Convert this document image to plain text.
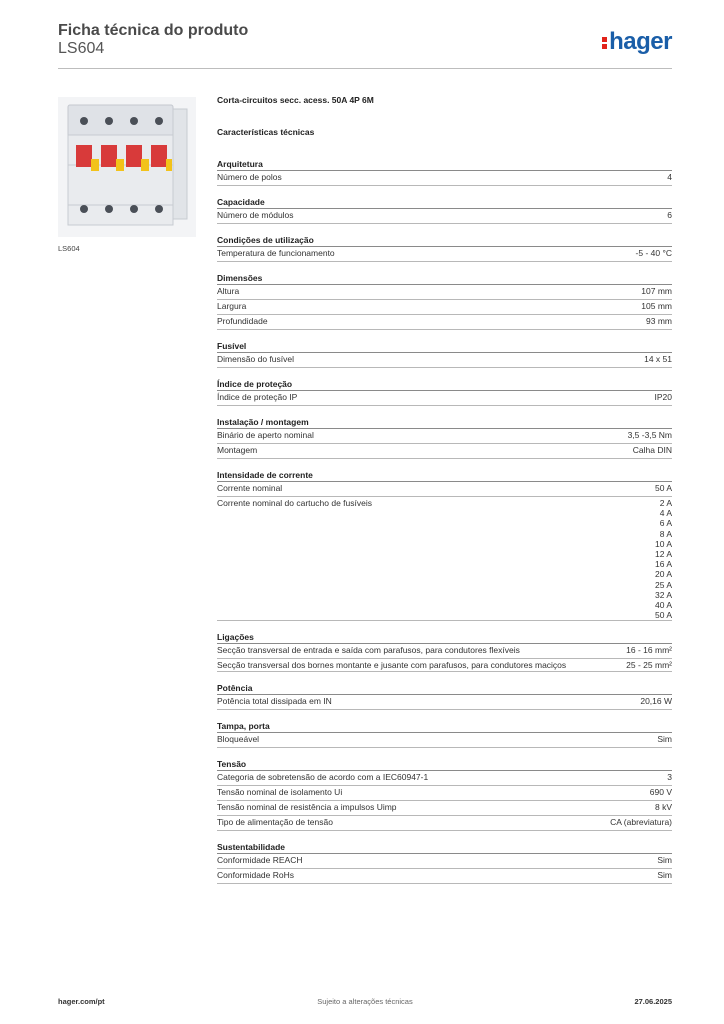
Ficha técnica do produto
LS604	hager
LS604
Corta-circuitos secc. acess. 50A 4P 6M
Características técnicas
Arquitetura
Número de polos	4
Capacidade
Número de módulos	6
Condições de utilização
Temperatura de funcionamento	-5 - 40 °C
Dimensões
Altura	107 mm
Largura	105 mm
Profundidade	93 mm
Fusível
Dimensão do fusível	14 x 51
Índice de proteção
Índice de proteção IP	IP20
Instalação / montagem
Binário de aperto nominal	3,5 -3,5 Nm
Montagem	Calha DIN
Intensidade de corrente
Corrente nominal	50 A
Corrente nominal do cartucho de fusíveis	2 A
4 A
6 A
8 A
10 A
12 A
16 A
20 A
25 A
32 A
40 A
50 A
Ligações
Secção transversal de entrada e saída com parafusos, para condutores flexíveis	16 - 16 mm²
Secção transversal dos bornes montante e jusante com parafusos, para condutores maciços	25 - 25 mm²
Potência
Potência total dissipada em IN	20,16 W
Tampa, porta
Bloqueável	Sim
Tensão
Categoria de sobretensão de acordo com a IEC60947-1	3
Tensão nominal de isolamento Ui	690 V
Tensão nominal de resistência a impulsos Uimp	8 kV
Tipo de alimentação de tensão	CA (abreviatura)
Sustentabilidade
Conformidade REACH	Sim
Conformidade RoHs	Sim
Sujeito a alterações técnicas
hager.com/pt	27.06.2025
